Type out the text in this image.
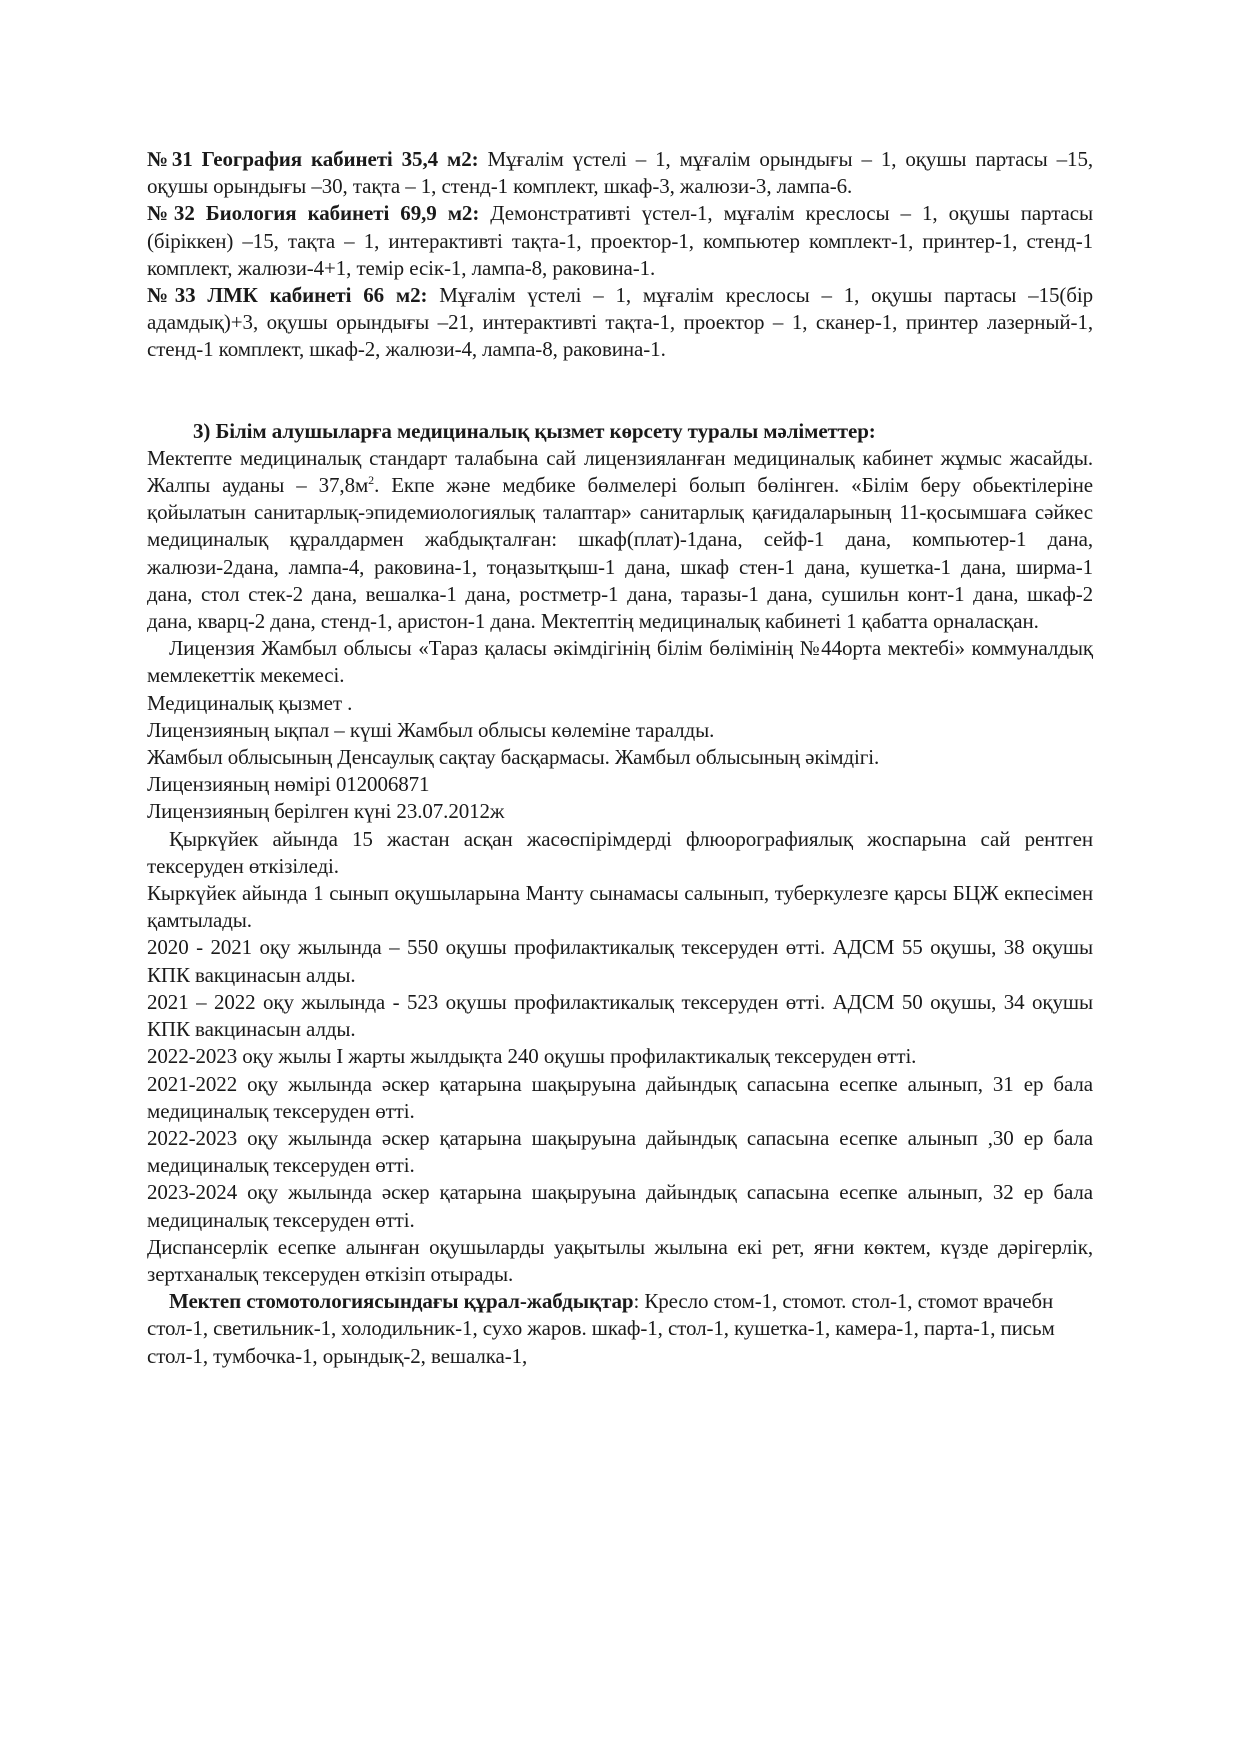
№31 География кабинеті 35,4 м2: Мұғалім үстелі – 1, мұғалім орындығы – 1, оқушы партасы –15, оқушы орындығы –30, тақта – 1, стенд-1 комплект, шкаф-3, жалюзи-3, лампа-6.

№32 Биология кабинеті 69,9 м2: Демонстративті үстел-1, мұғалім креслосы – 1, оқушы партасы (біріккен) –15, тақта – 1, интерактивті тақта-1, проектор-1, компьютер комплект-1, принтер-1, стенд-1 комплект, жалюзи-4+1, темір есік-1, лампа-8, раковина-1.

№33 ЛМК кабинеті 66 м2: Мұғалім үстелі – 1, мұғалім креслосы – 1, оқушы партасы –15(бір адамдық)+3, оқушы орындығы –21, интерактивті тақта-1, проектор – 1, сканер-1, принтер лазерный-1, стенд-1 комплект, шкаф-2, жалюзи-4, лампа-8, раковина-1.

3) Білім алушыларға медициналық қызмет көрсету туралы мәліметтер:

Мектепте медициналық стандарт талабына сай лицензияланған медициналық кабинет жұмыс жасайды. Жалпы ауданы – $37,8м^2$. Екпе және медбике бөлмелері болып бөлінген. «Білім беру обьектілеріне қойылатын санитарлық-эпидемиологиялық талаптар» санитарлық қағидаларының 11-қосымшаға сәйкес медициналық құралдармен жабдықталған: шкаф(плат)-1дана, сейф-1 дана, компьютер-1 дана, жалюзи-2дана, лампа-4, раковина-1, тоңазытқыш-1 дана, шкаф стен-1 дана, кушетка-1 дана, ширма-1 дана, стол стек-2 дана, вешалка-1 дана, ростметр-1 дана, таразы-1 дана, сушильн конт-1 дана, шкаф-2 дана, кварц-2 дана, стенд-1, аристон-1 дана. Мектептің медициналық кабинеті 1 қабатта орналасқан.

Лицензия Жамбыл облысы «Тараз қаласы әкімдігінің білім бөлімінің №44орта мектебі» коммуналдық мемлекеттік мекемесі.

Медициналық қызмет .

Лицензияның ықпал – күші Жамбыл облысы көлеміне таралды.

Жамбыл облысының Денсаулық сақтау басқармасы. Жамбыл облысының әкімдігі.

Лицензияның нөмірі 012006871

Лицензияның берілген күні 23.07.2012ж

Қыркүйек айында 15 жастан асқан жасөспірімдерді флюорографиялық жоспарына сай рентген тексеруден өткізіледі.

Кыркүйек айында 1 сынып оқушыларына Манту сынамасы салынып, туберкулезге қарсы БЦЖ екпесімен қамтылады.

2020 - 2021 оқу жылында – 550 оқушы профилактикалық тексеруден өтті. АДСМ 55 оқушы, 38 оқушы КПК вакцинасын алды.

2021 – 2022 оқу жылында - 523 оқушы профилактикалық тексеруден өтті. АДСМ 50 оқушы, 34 оқушы КПК вакцинасын алды.

2022-2023 оқу жылы І жарты жылдықта 240 оқушы профилактикалық тексеруден өтті.

2021-2022 оқу жылында әскер қатарына шақыруына дайындық сапасына есепке алынып, 31 ер бала медициналық тексеруден өтті.

2022-2023 оқу жылында әскер қатарына шақыруына дайындық сапасына есепке алынып ,30 ер бала медициналық тексеруден өтті.

2023-2024 оқу жылында әскер қатарына шақыруына дайындық сапасына есепке алынып, 32 ер бала медициналық тексеруден өтті.

Диспансерлік есепке алынған оқушыларды уақытылы жылына екі рет, яғни көктем, күзде дәрігерлік, зертханалық тексеруден өткізіп отырады.

Мектеп стомотологиясындағы құрал-жабдықтар: Кресло стом-1, стомот. стол-1, стомот врачебн стол-1, светильник-1, холодильник-1, сухо жаров. шкаф-1, стол-1, кушетка-1, камера-1, парта-1, письм стол-1, тумбочка-1, орындық-2, вешалка-1,
